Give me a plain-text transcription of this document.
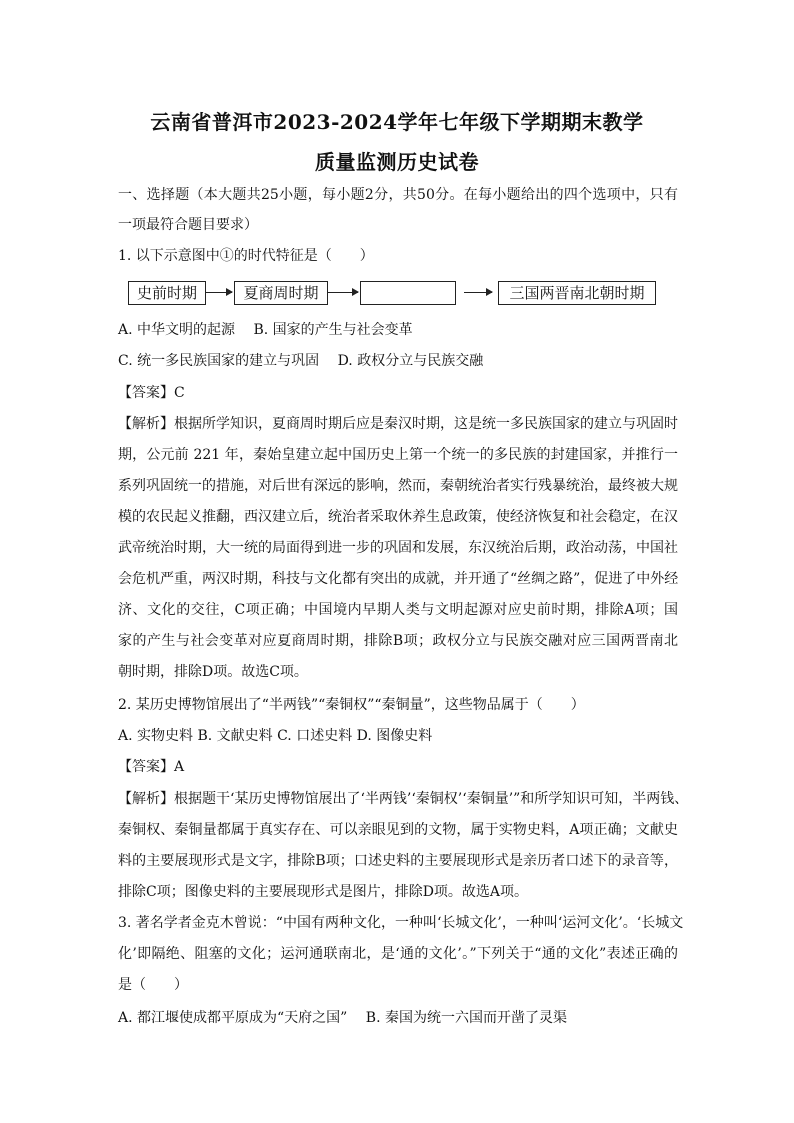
云南省普洱市2023-2024学年七年级下学期期末教学
质量监测历史试卷
一、选择题（本大题共25小题，每小题2分，共50分。在每小题给出的四个选项中，只有
一项最符合题目要求）
1. 以下示意图中①的时代特征是（　　）
史前时期	夏商周时期	三国两晋南北朝时期
A. 中华文明的起源　 B. 国家的产生与社会变革
C. 统一多民族国家的建立与巩固　 D. 政权分立与民族交融
【答案】C
【解析】根据所学知识，夏商周时期后应是秦汉时期，这是统一多民族国家的建立与巩固时
期，公元前 221 年，秦始皇建立起中国历史上第一个统一的多民族的封建国家，并推行一
系列巩固统一的措施，对后世有深远的影响，然而，秦朝统治者实行残暴统治，最终被大规
模的农民起义推翻，西汉建立后，统治者采取休养生息政策，使经济恢复和社会稳定，在汉
武帝统治时期，大一统的局面得到进一步的巩固和发展，东汉统治后期，政治动荡，中国社
会危机严重，两汉时期，科技与文化都有突出的成就，并开通了“丝绸之路”，促进了中外经
济、文化的交往，C项正确；中国境内早期人类与文明起源对应史前时期，排除A项；国
家的产生与社会变革对应夏商周时期，排除B项；政权分立与民族交融对应三国两晋南北
朝时期，排除D项。故选C项。
2. 某历史博物馆展出了“半两钱”“秦铜权”“秦铜量”，这些物品属于（　　）
A. 实物史料 B. 文献史料 C. 口述史料 D. 图像史料
【答案】A
【解析】根据题干‘某历史博物馆展出了‘半两钱’‘秦铜权’‘秦铜量’”和所学知识可知，半两钱、
秦铜权、秦铜量都属于真实存在、可以亲眼见到的文物，属于实物史料，A项正确；文献史
料的主要展现形式是文字，排除B项；口述史料的主要展现形式是亲历者口述下的录音等，
排除C项；图像史料的主要展现形式是图片，排除D项。故选A项。
3. 著名学者金克木曾说：“中国有两种文化，一种叫‘长城文化’，一种叫‘运河文化’。‘长城文
化’即隔绝、阻塞的文化；运河通联南北，是‘通的文化’。”下列关于“通的文化”表述正确的
是（　　）
A. 都江堰使成都平原成为“天府之国”　 B. 秦国为统一六国而开凿了灵渠
